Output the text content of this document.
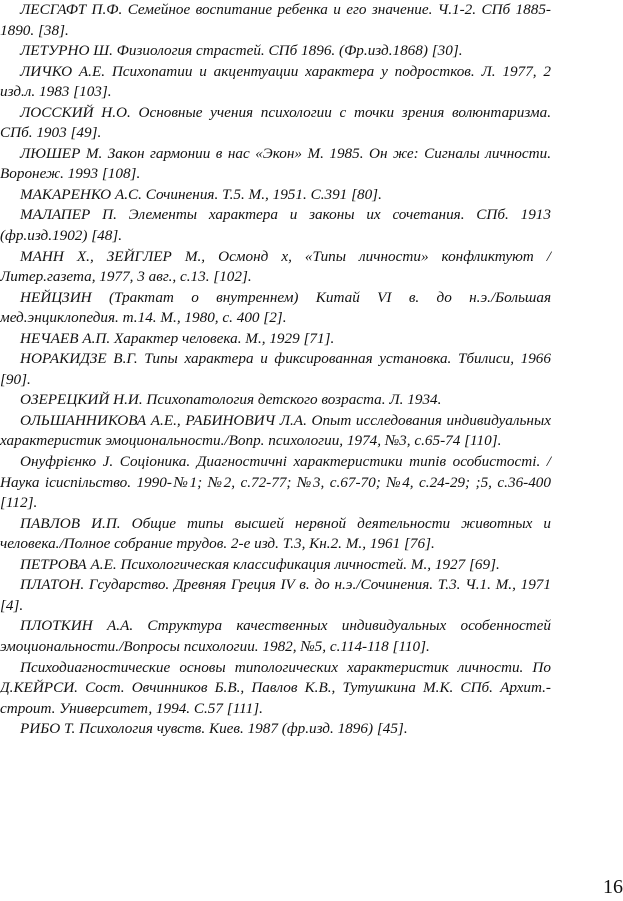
ЛЕСГАФТ П.Ф. Семейное воспитание ребенка и его значение. Ч.1-2. СПб 1885-1890. [38].
ЛЕТУРНО Ш. Физиология страстей. СПб 1896. (Фр.изд.1868) [30].
ЛИЧКО А.Е. Психопатии и акцентуации характера у подростков. Л. 1977, 2 изд.л. 1983 [103].
ЛОССКИЙ Н.О. Основные учения психологии с точки зрения волюнтаризма. СПб. 1903 [49].
ЛЮШЕР М. Закон гармонии в нас «Экон» М. 1985. Он же: Сигналы личности. Воронеж. 1993 [108].
МАКАРЕНКО А.С. Сочинения. Т.5. М., 1951. С.391 [80].
МАЛАПЕР П. Элементы характера и законы их сочетания. СПб. 1913 (фр.изд.1902) [48].
МАНН Х., ЗЕЙГЛЕР М., Осмонд х, «Типы личности» конфликтуют / Литер.газета, 1977, 3 авг., с.13. [102].
НЕЙЦЗИН (Трактат о внутреннем) Китай VI в. до н.э./Большая мед.энциклопедия. т.14. М., 1980, с. 400 [2].
НЕЧАЕВ А.П. Характер человека. М., 1929 [71].
НОРАКИДЗЕ В.Г. Типы характера и фиксированная установка. Тбилиси, 1966 [90].
ОЗЕРЕЦКИЙ Н.И. Психопатология детского возраста. Л. 1934.
ОЛЬШАННИКОВА А.Е., РАБИНОВИЧ Л.А. Опыт исследования индивидуальных характеристик эмоциональности./Вопр. психологии, 1974, №3, с.65-74 [110].
Онуфрієнко J. Соціоника. Диагностичні характеристики типів особистості. /Наука ісиспільство. 1990-№1; №2, с.72-77; №3, с.67-70; №4, с.24-29; ;5, с.36-400 [112].
ПАВЛОВ И.П. Общие типы высшей нервной деятельности животных и человека./Полное собрание трудов. 2-е изд. Т.3, Кн.2. М., 1961 [76].
ПЕТРОВА А.Е. Психологическая классификация личностей. М., 1927 [69].
ПЛАТОН. Гсударство. Древняя Греция IV в. до н.э./Сочинения. Т.3. Ч.1. М., 1971 [4].
ПЛОТКИН А.А. Структура качественных индивидуальных особенностей эмоциональности./Вопросы психологии. 1982, №5, с.114-118 [110].
Психодиагностические основы типологических характеристик личности. По Д.КЕЙРСИ. Сост. Овчинников Б.В., Павлов К.В., Тутушкина М.К. СПб. Архит.-строит. Университет, 1994. С.57 [111].
РИБО Т. Психология чувств. Киев. 1987 (фр.изд. 1896) [45].
16
